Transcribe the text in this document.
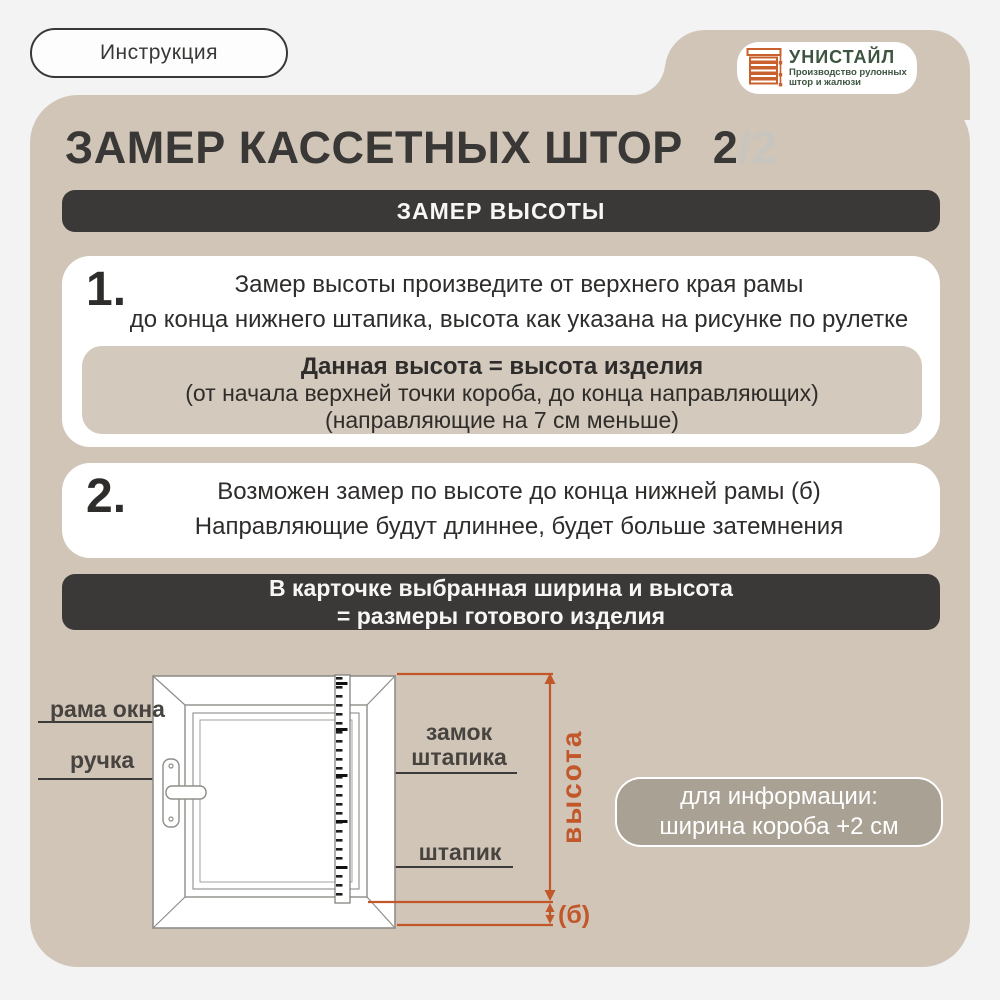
Инструкция	УНИСТАЙЛ
Производство рулонных штор и жалюзи
ЗАМЕР КАССЕТНЫХ ШТОР 2 /2
ЗАМЕР ВЫСОТЫ
1.	Замер высоты произведите от верхнего края рамы
до конца нижнего штапика, высота как указана на рисунке по рулетке
Данная высота = высота изделия
(от начала верхней точки короба, до конца направляющих)
(направляющие на 7 см меньше)
2.	Возможен замер по высоте до конца нижней рамы (б)
Направляющие будут длиннее, будет больше затемнения
В карточке выбранная ширина и высота
= размеры готового изделия
рама окна
ручка
замок штапика
штапик
высота
(б)
для информации:
ширина короба +2 см
